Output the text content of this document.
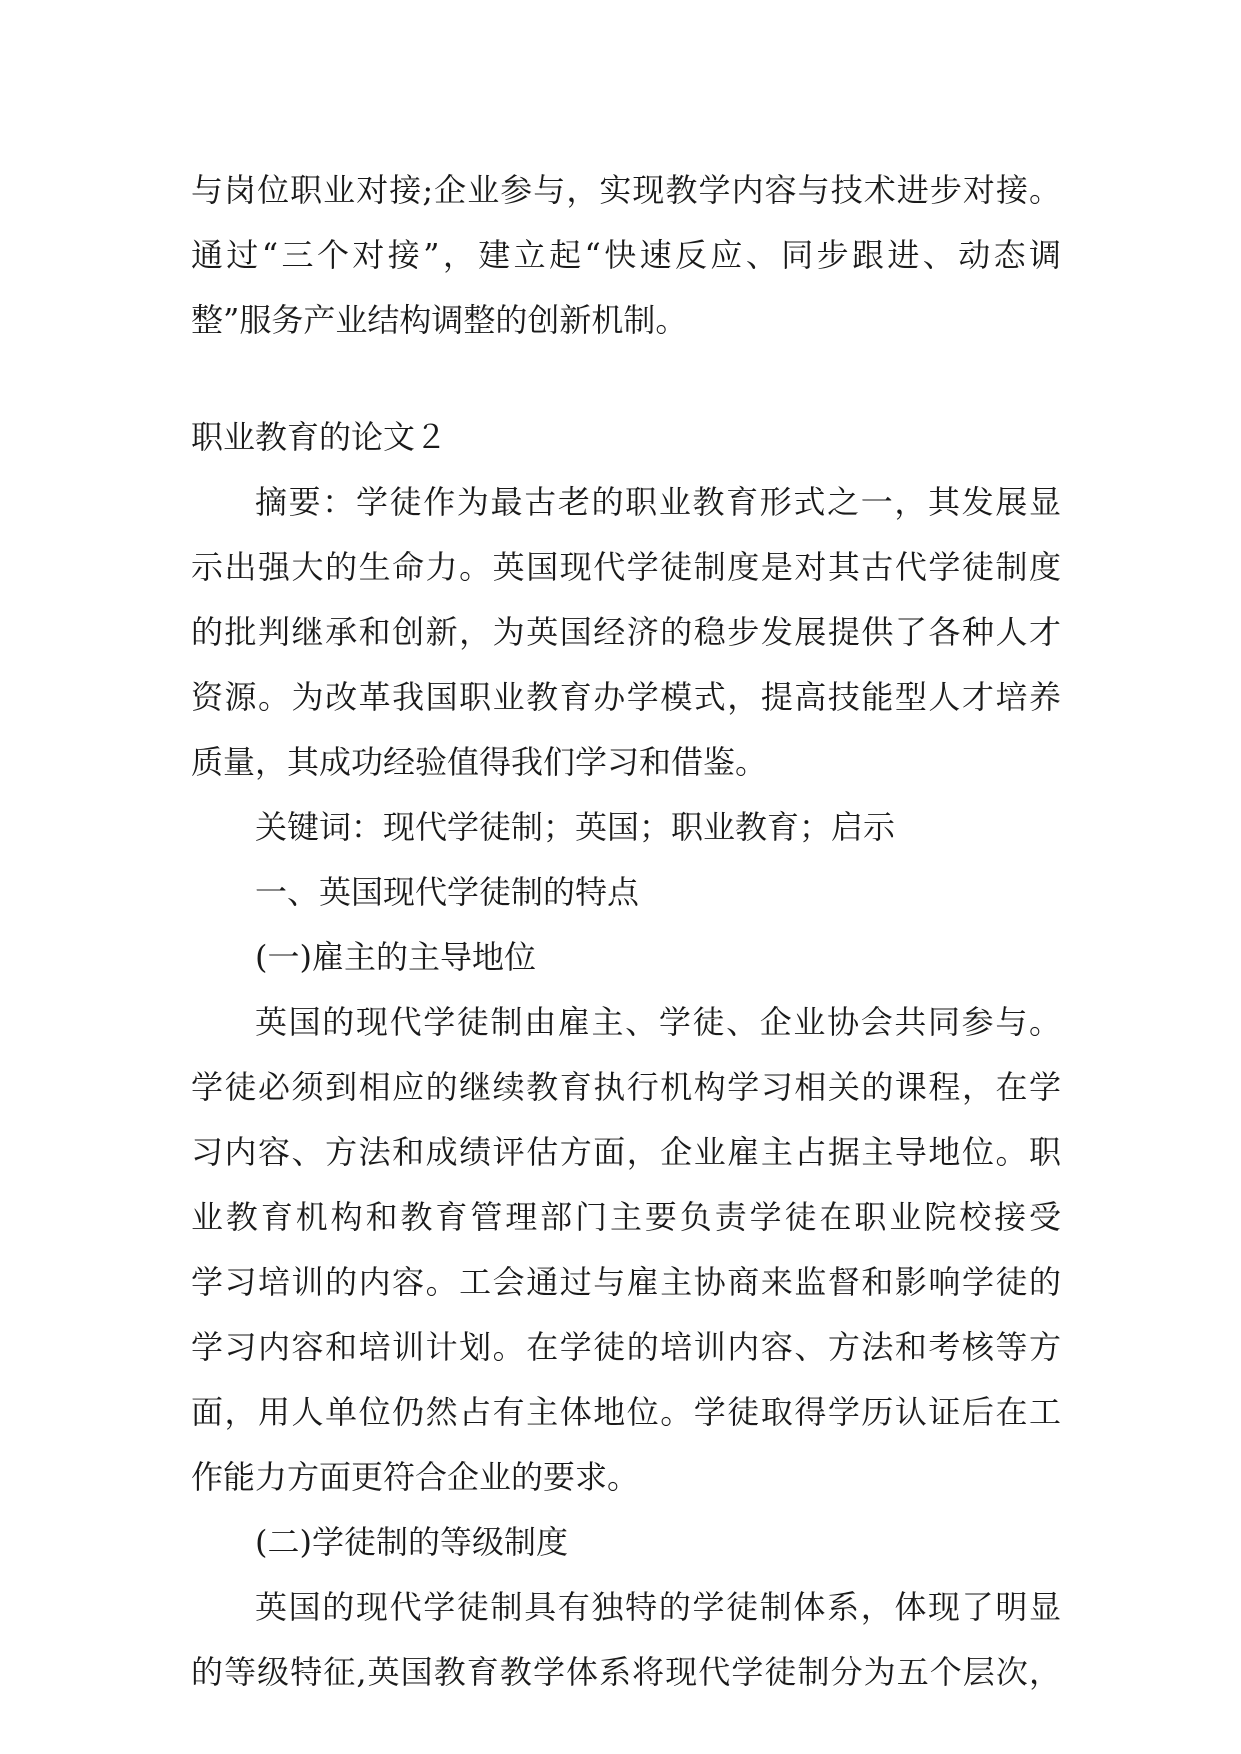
与岗位职业对接;企业参与，实现教学内容与技术进步对接。
通过“三个对接”，建立起“快速反应、同步跟进、动态调
整”服务产业结构调整的创新机制。
职业教育的论文２
摘要：学徒作为最古老的职业教育形式之一，其发展显
示出强大的生命力。英国现代学徒制度是对其古代学徒制度
的批判继承和创新，为英国经济的稳步发展提供了各种人才
资源。为改革我国职业教育办学模式，提高技能型人才培养
质量，其成功经验值得我们学习和借鉴。
关键词：现代学徒制；英国；职业教育；启示
一、英国现代学徒制的特点
(一)雇主的主导地位
英国的现代学徒制由雇主、学徒、企业协会共同参与。
学徒必须到相应的继续教育执行机构学习相关的课程，在学
习内容、方法和成绩评估方面，企业雇主占据主导地位。职
业教育机构和教育管理部门主要负责学徒在职业院校接受
学习培训的内容。工会通过与雇主协商来监督和影响学徒的
学习内容和培训计划。在学徒的培训内容、方法和考核等方
面，用人单位仍然占有主体地位。学徒取得学历认证后在工
作能力方面更符合企业的要求。
(二)学徒制的等级制度
英国的现代学徒制具有独特的学徒制体系，体现了明显
的等级特征,英国教育教学体系将现代学徒制分为五个层次，
